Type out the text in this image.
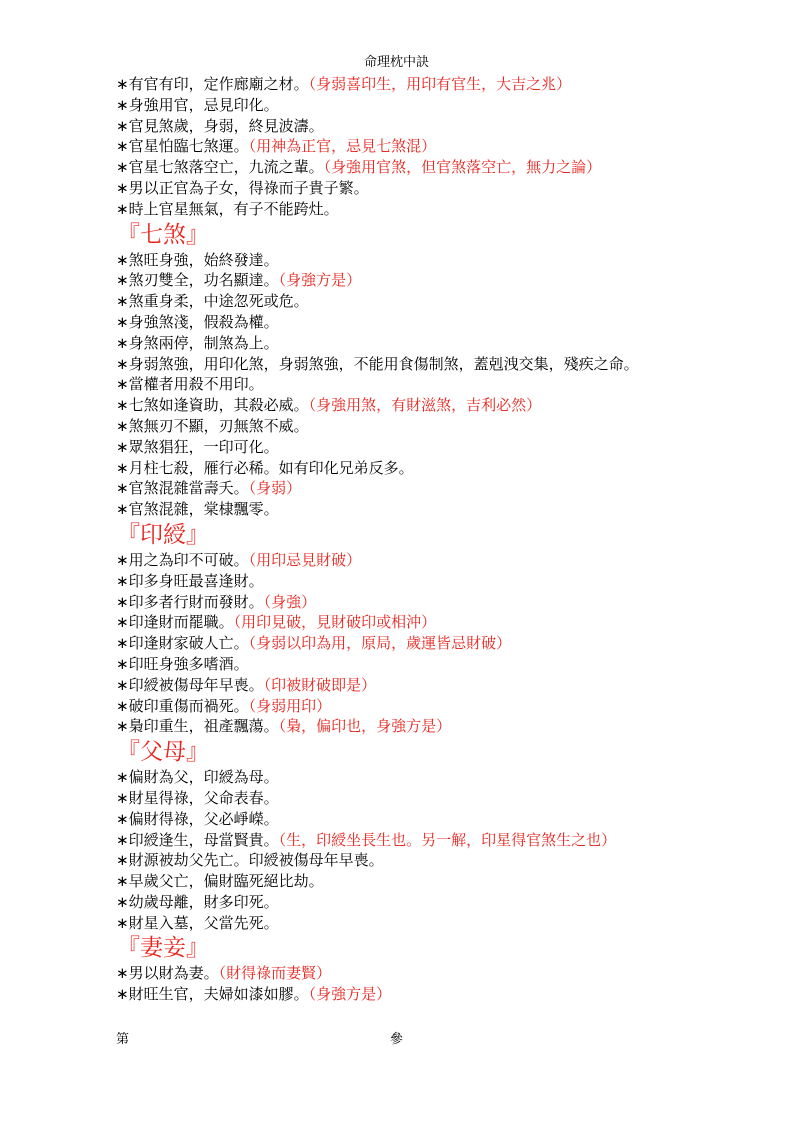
命理枕中訣
∗有官有印，定作廊廟之材。（身弱喜印生，用印有官生，大吉之兆）
∗身強用官，忌見印化。
∗官見煞歲，身弱，終見波濤。
∗官星怕臨七煞運。（用神為正官，忌見七煞混）
∗官星七煞落空亡，九流之輩。（身強用官煞，但官煞落空亡，無力之論）
∗男以正官為子女，得祿而子貴子繁。
∗時上官星無氣，有子不能跨灶。
『七煞』
∗煞旺身強，始終發達。
∗煞刃雙全，功名顯達。（身強方是）
∗煞重身柔，中途忽死或危。
∗身強煞淺，假殺為權。
∗身煞兩停，制煞為上。
∗身弱煞強，用印化煞，身弱煞強，不能用食傷制煞，蓋剋洩交集，殘疾之命。
∗當權者用殺不用印。
∗七煞如逢資助，其殺必威。（身強用煞，有財滋煞，吉利必然）
∗煞無刃不顯，刃無煞不威。
∗眾煞猖狂，一印可化。
∗月柱七殺，雁行必稀。如有印化兄弟反多。
∗官煞混雜當壽夭。（身弱）
∗官煞混雜，棠棣飄零。
『印綬』
∗用之為印不可破。（用印忌見財破）
∗印多身旺最喜逢財。
∗印多者行財而發財。（身強）
∗印逢財而罷職。（用印見破，見財破印或相沖）
∗印逢財家破人亡。（身弱以印為用，原局，歲運皆忌財破）
∗印旺身強多嗜酒。
∗印綬被傷母年早喪。（印被財破即是）
∗破印重傷而禍死。（身弱用印）
∗梟印重生，祖產飄蕩。（梟，偏印也，身強方是）
『父母』
∗偏財為父，印綬為母。
∗財星得祿，父命表春。
∗偏財得祿，父必崢嶸。
∗印綬逢生，母當賢貴。（生，印綬坐長生也。另一解，印星得官煞生之也）
∗財源被劫父先亡。印綬被傷母年早喪。
∗早歲父亡，偏財臨死絕比劫。
∗幼歲母離，財多印死。
∗財星入墓，父當先死。
『妻妾』
∗男以財為妻。（財得祿而妻賢）
∗財旺生官，夫婦如漆如膠。（身強方是）
第	參
